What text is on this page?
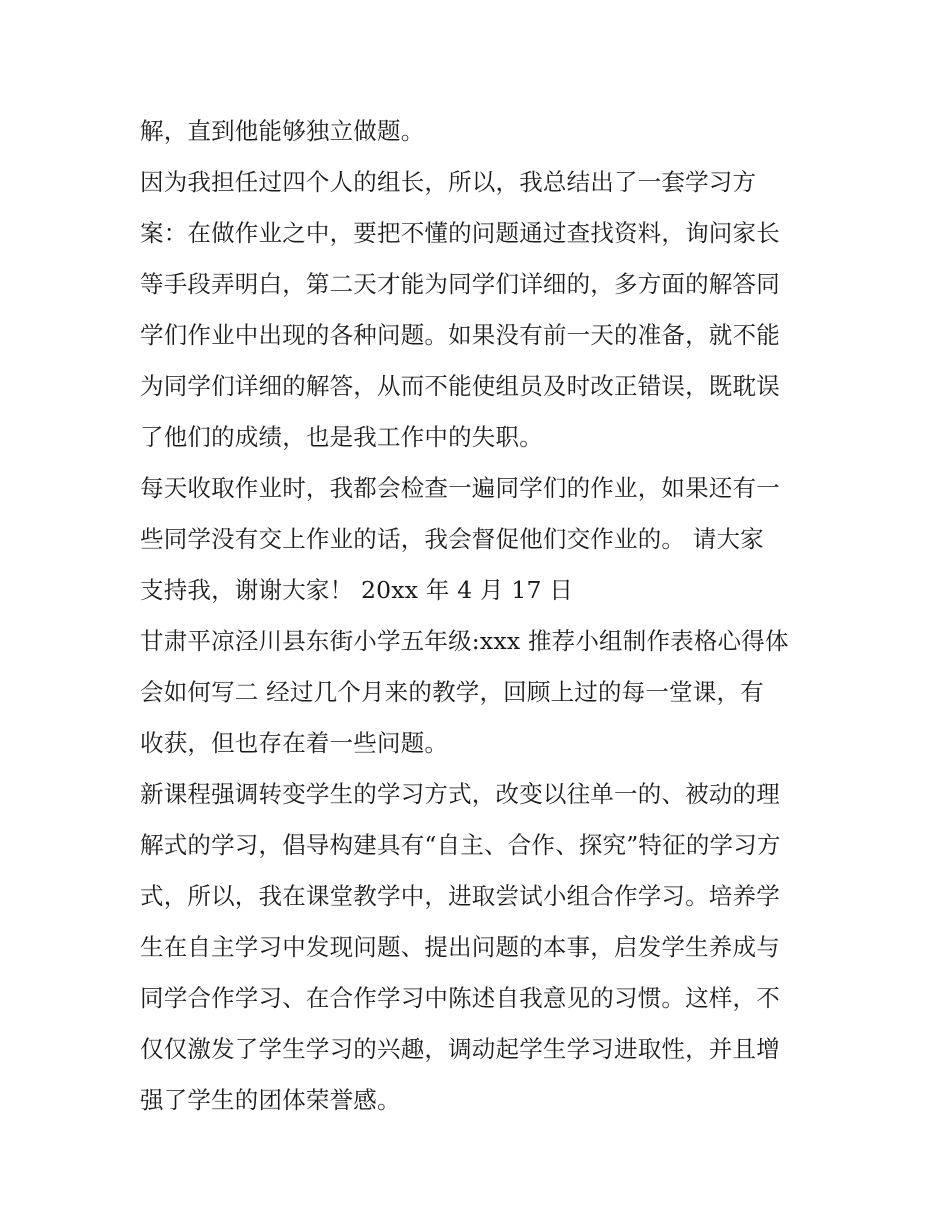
解，直到他能够独立做题。
因为我担任过四个人的组长，所以，我总结出了一套学习方
案：在做作业之中，要把不懂的问题通过查找资料，询问家长
等手段弄明白，第二天才能为同学们详细的，多方面的解答同
学们作业中出现的各种问题。如果没有前一天的准备，就不能
为同学们详细的解答，从而不能使组员及时改正错误，既耽误
了他们的成绩，也是我工作中的失职。
每天收取作业时，我都会检查一遍同学们的作业，如果还有一
些同学没有交上作业的话，我会督促他们交作业的。 请大家
支持我，谢谢大家！ 20xx 年 4 月 17 日
甘肃平凉泾川县东街小学五年级:xxx 推荐小组制作表格心得体
会如何写二 经过几个月来的教学，回顾上过的每一堂课，有
收获，但也存在着一些问题。
新课程强调转变学生的学习方式，改变以往单一的、被动的理
解式的学习，倡导构建具有“自主、合作、探究”特征的学习方
式，所以，我在课堂教学中，进取尝试小组合作学习。培养学
生在自主学习中发现问题、提出问题的本事，启发学生养成与
同学合作学习、在合作学习中陈述自我意见的习惯。这样，不
仅仅激发了学生学习的兴趣，调动起学生学习进取性，并且增
强了学生的团体荣誉感。
